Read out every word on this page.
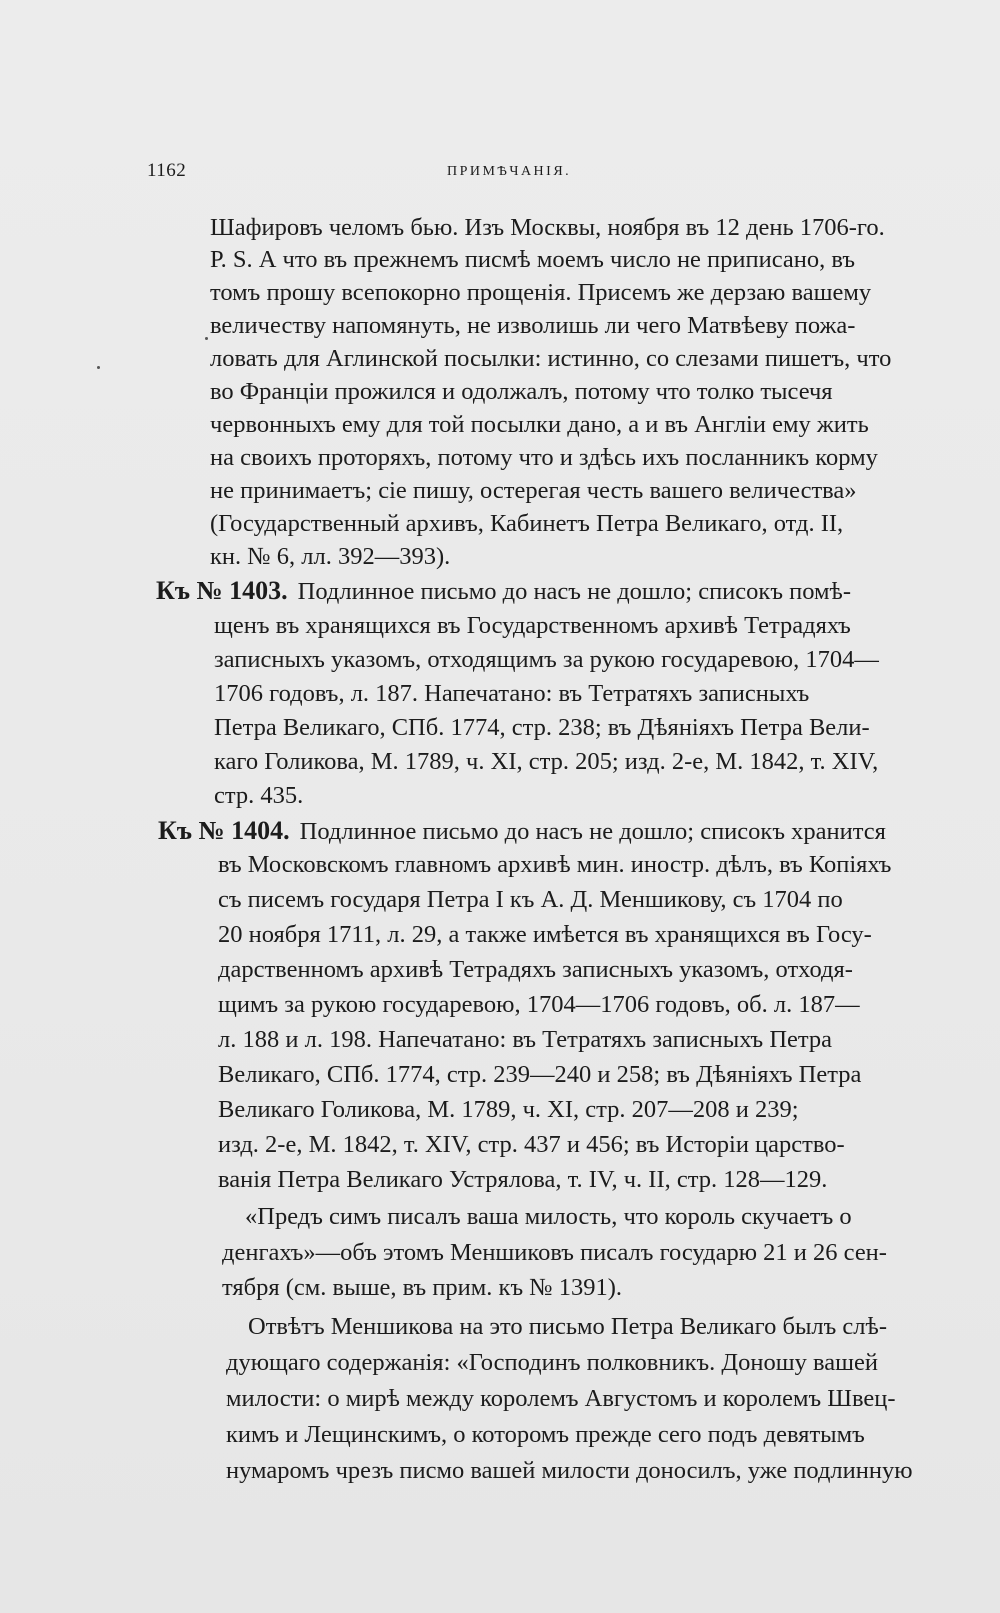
1162	ПРИМѢЧАНІЯ.
Шафировъ челомъ бью. Изъ Москвы, ноября въ 12 день 1706-го.
Р. S. А что въ прежнемъ писмѣ моемъ число не приписано, въ
томъ прошу всепокорно прощенія. Присемъ же дерзаю вашему
величеству напомянуть, не изволишь ли чего Матвѣеву пожа-
ловать для Аглинской посылки: истинно, со слезами пишетъ, что
во Франціи прожился и одолжалъ, потому что толко тысечя
червонныхъ ему для той посылки дано, а и въ Англіи ему жить
на своихъ проторяхъ, потому что и здѣсь ихъ посланникъ корму
не принимаетъ; сіе пишу, остерегая честь вашего величества»
(Государственный архивъ, Кабинетъ Петра Великаго, отд. II,
кн. № 6, лл. 392—393).
Къ № 1403. Подлинное письмо до насъ не дошло; списокъ помѣ-
щенъ въ хранящихся въ Государственномъ архивѣ Тетрадяхъ
записныхъ указомъ, отходящимъ за рукою государевою, 1704—
1706 годовъ, л. 187. Напечатано: въ Тетратяхъ записныхъ
Петра Великаго, СПб. 1774, стр. 238; въ Дѣяніяхъ Петра Вели-
каго Голикова, М. 1789, ч. XI, стр. 205; изд. 2-е, М. 1842, т. XIV,
стр. 435.
Къ № 1404. Подлинное письмо до насъ не дошло; списокъ хранится
въ Московскомъ главномъ архивѣ мин. иностр. дѣлъ, въ Копіяхъ
съ писемъ государя Петра I къ А. Д. Меншикову, съ 1704 по
20 ноября 1711, л. 29, а также имѣется въ хранящихся въ Госу-
дарственномъ архивѣ Тетрадяхъ записныхъ указомъ, отходя-
щимъ за рукою государевою, 1704—1706 годовъ, об. л. 187—
л. 188 и л. 198. Напечатано: въ Тетратяхъ записныхъ Петра
Великаго, СПб. 1774, стр. 239—240 и 258; въ Дѣяніяхъ Петра
Великаго Голикова, М. 1789, ч. XI, стр. 207—208 и 239;
изд. 2-е, М. 1842, т. XIV, стр. 437 и 456; въ Исторіи царство-
ванія Петра Великаго Устрялова, т. IV, ч. II, стр. 128—129.
«Предъ симъ писалъ ваша милость, что король скучаетъ о
денгахъ»—объ этомъ Меншиковъ писалъ государю 21 и 26 сен-
тября (см. выше, въ прим. къ № 1391).
Отвѣтъ Меншикова на это письмо Петра Великаго былъ слѣ-
дующаго содержанія: «Господинъ полковникъ. Доношу вашей
милости: о мирѣ между королемъ Августомъ и королемъ Швец-
кимъ и Лещинскимъ, о которомъ прежде сего подъ девятымъ
нумаромъ чрезъ писмо вашей милости доносилъ, уже подлинную
